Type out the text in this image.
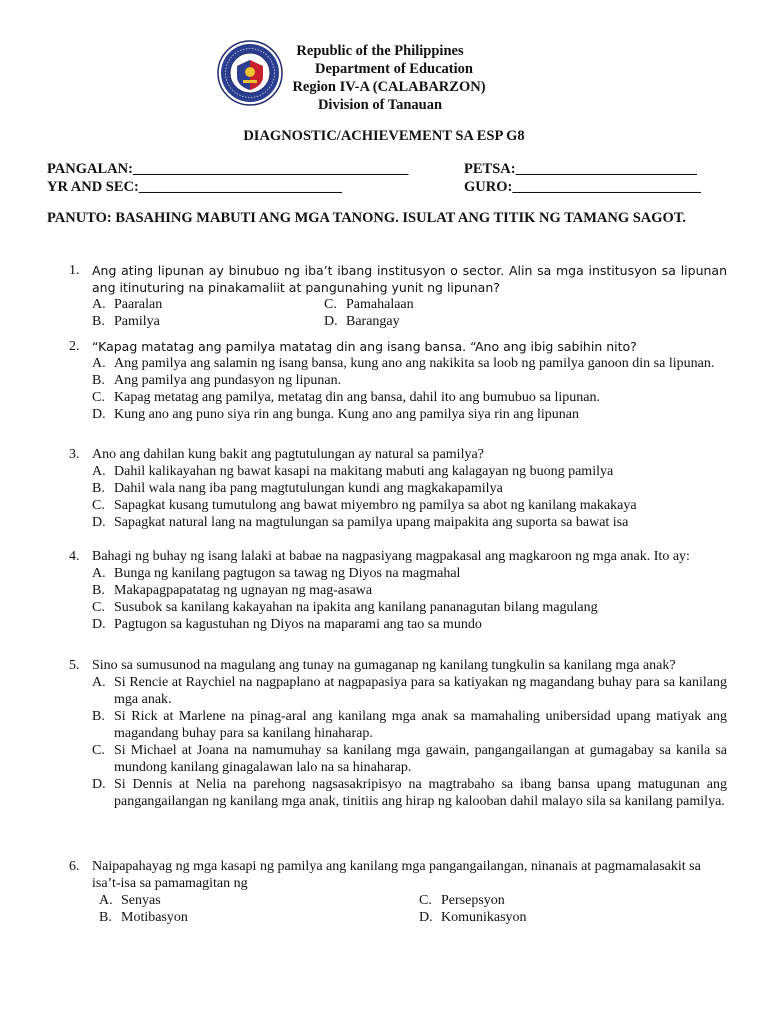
Republic of the Philippines
Department of Education
Region IV-A (CALABARZON)
Division of Tanauan
DIAGNOSTIC/ACHIEVEMENT SA ESP G8
PANGALAN:______________________________________
YR AND SEC:____________________________
PETSA:_________________________
GURO:__________________________
PANUTO: BASAHING MABUTI ANG MGA TANONG. ISULAT ANG TITIK NG TAMANG SAGOT.
1. Ang ating lipunan ay binubuo ng iba’t ibang institusyon o sector. Alin sa mga institusyon sa lipunan ang itinuturing na pinakamaliit at pangunahing yunit ng lipunan?
A. Paaralan	C. Pamahalaan
B. Pamilya	D. Barangay
2. “Kapag matatag ang pamilya matatag din ang isang bansa. “Ano ang ibig sabihin nito?
A. Ang pamilya ang salamin ng isang bansa, kung ano ang nakikita sa loob ng pamilya ganoon din sa lipunan.
B. Ang pamilya ang pundasyon ng lipunan.
C. Kapag metatag ang pamilya, metatag din ang bansa, dahil ito ang bumubuo sa lipunan.
D. Kung ano ang puno siya rin ang bunga. Kung ano ang pamilya siya rin ang lipunan
3. Ano ang dahilan kung bakit ang pagtutulungan ay natural sa pamilya?
A. Dahil kalikayahan ng bawat kasapi na makitang mabuti ang kalagayan ng buong pamilya
B. Dahil wala nang iba pang magtutulungan kundi ang magkakapamilya
C. Sapagkat kusang tumutulong ang bawat miyembro ng pamilya sa abot ng kanilang makakaya
D. Sapagkat natural lang na magtulungan sa pamilya upang maipakita ang suporta sa bawat isa
4. Bahagi ng buhay ng isang lalaki at babae na nagpasiyang magpakasal ang magkaroon ng mga anak. Ito ay:
A. Bunga ng kanilang pagtugon sa tawag ng Diyos na magmahal
B. Makapagpapatatag ng ugnayan ng mag-asawa
C. Susubok sa kanilang kakayahan na ipakita ang kanilang pananagutan bilang magulang
D. Pagtugon sa kagustuhan ng Diyos na maparami ang tao sa mundo
5. Sino sa sumusunod na magulang ang tunay na gumaganap ng kanilang tungkulin sa kanilang mga anak?
A. Si Rencie at Raychiel na nagpaplano at nagpapasiya para sa katiyakan ng magandang buhay para sa kanilang mga anak.
B. Si Rick at Marlene na pinag-aral ang kanilang mga anak sa mamahaling unibersidad upang matiyak ang magandang buhay para sa kanilang hinaharap.
C. Si Michael at Joana na namumuhay sa kanilang mga gawain, pangangailangan at gumagabay sa kanila sa mundong kanilang ginagalawan lalo na sa hinaharap.
D. Si Dennis at Nelia na parehong nagsasakripisyo na magtrabaho sa ibang bansa upang matugunan ang pangangailangan ng kanilang mga anak, tinitiis ang hirap ng kalooban dahil malayo sila sa kanilang pamilya.
6. Naipapahayag ng mga kasapi ng pamilya ang kanilang mga pangangailangan, ninanais at pagmamalasakit sa isa’t-isa sa pamamagitan ng
A. Senyas	C. Persepsyon
B. Motibasyon	D. Komunikasyon
